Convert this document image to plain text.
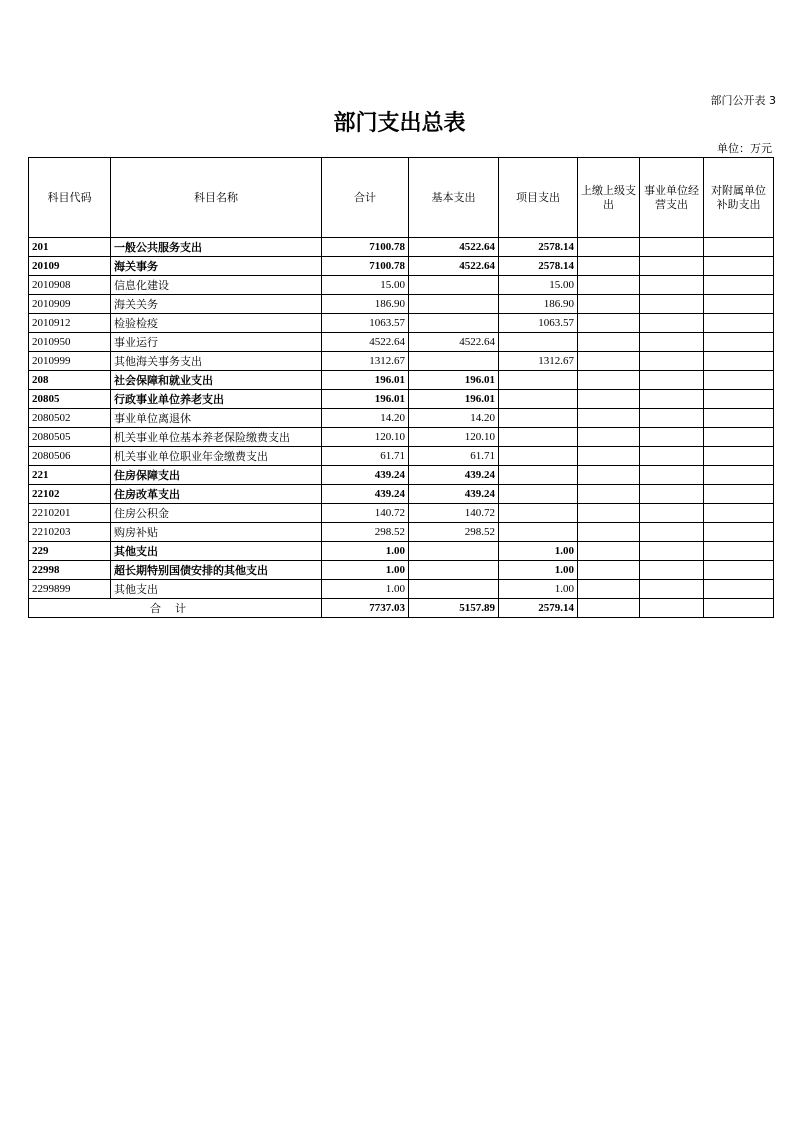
部门公开表 3
部门支出总表
单位：万元
科目代码	科目名称	合计	基本支出	项目支出	上缴上级支出	事业单位经营支出	对附属单位补助支出
201	一般公共服务支出	7100.78	4522.64	2578.14			
20109	海关事务	7100.78	4522.64	2578.14			
2010908	信息化建设	15.00		15.00			
2010909	海关关务	186.90		186.90			
2010912	检验检疫	1063.57		1063.57			
2010950	事业运行	4522.64	4522.64				
2010999	其他海关事务支出	1312.67		1312.67			
208	社会保障和就业支出	196.01	196.01				
20805	行政事业单位养老支出	196.01	196.01				
2080502	事业单位离退休	14.20	14.20				
2080505	机关事业单位基本养老保险缴费支出	120.10	120.10				
2080506	机关事业单位职业年金缴费支出	61.71	61.71				
221	住房保障支出	439.24	439.24				
22102	住房改革支出	439.24	439.24				
2210201	住房公积金	140.72	140.72				
2210203	购房补贴	298.52	298.52				
229	其他支出	1.00		1.00			
22998	超长期特别国债安排的其他支出	1.00		1.00			
2299899	其他支出	1.00		1.00			
合计		7737.03	5157.89	2579.14			
